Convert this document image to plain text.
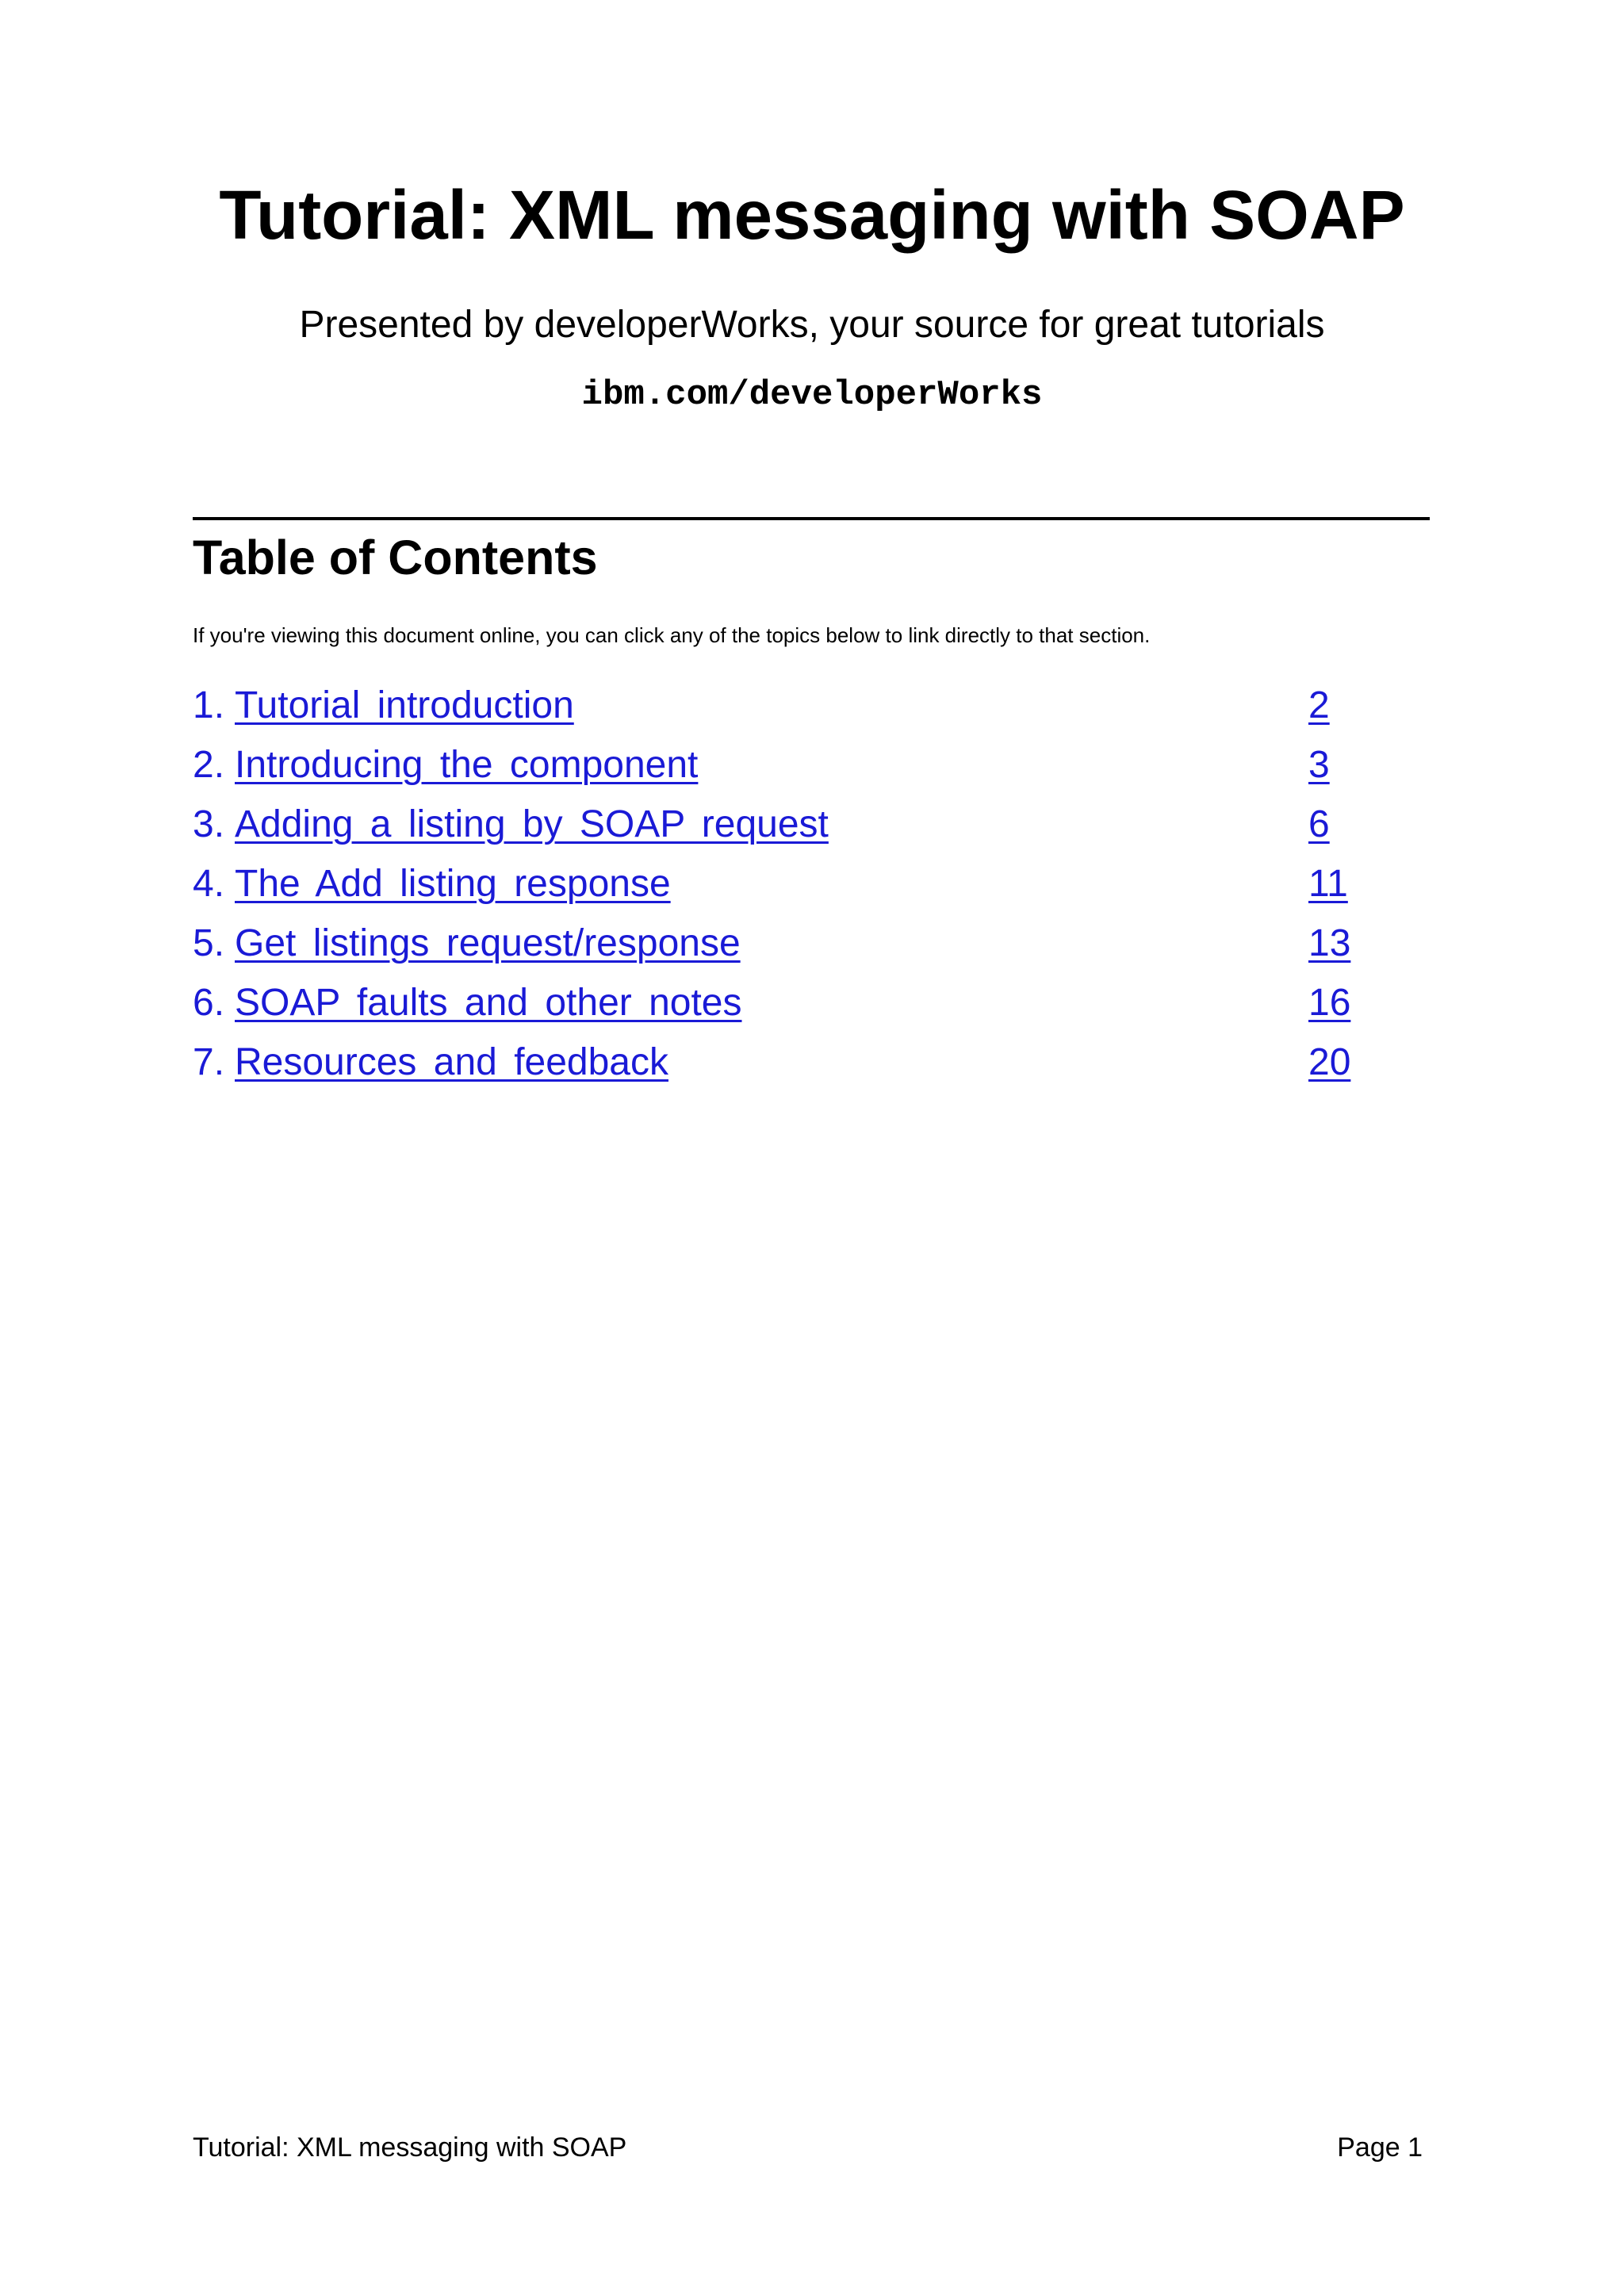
Tutorial: XML messaging with SOAP
Presented by developerWorks, your source for great tutorials
ibm.com/developerWorks
Table of Contents

If you're viewing this document online, you can click any of the topics below to link directly to that section.

1. Tutorial introduction	2
2. Introducing the component	3
3. Adding a listing by SOAP request	6
4. The Add listing response	11
5. Get listings request/response	13
6. SOAP faults and other notes	16
7. Resources and feedback	20
Tutorial: XML messaging with SOAP	Page 1
